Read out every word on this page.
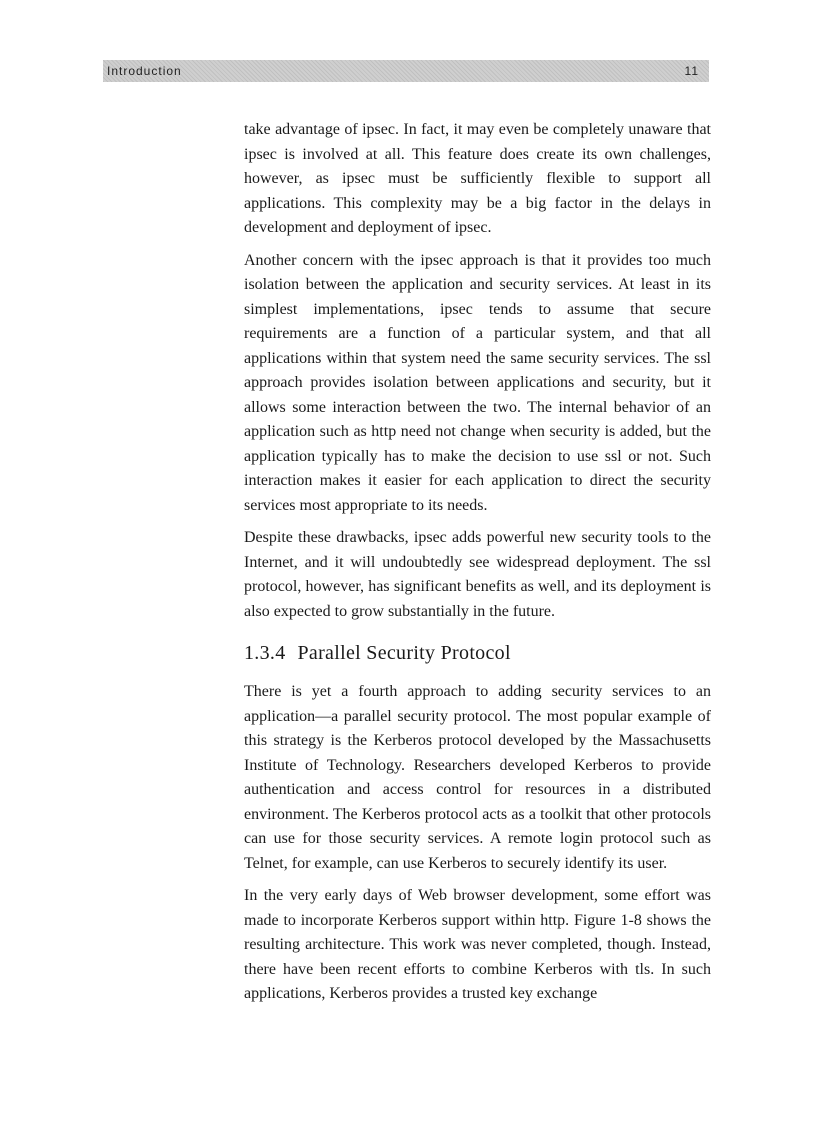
Introduction	11

take advantage of ipsec. In fact, it may even be completely unaware that ipsec is involved at all. This feature does create its own challenges, however, as ipsec must be sufficiently flexible to support all applications. This complexity may be a big factor in the delays in development and deployment of ipsec.

Another concern with the ipsec approach is that it provides too much isolation between the application and security services. At least in its simplest implementations, ipsec tends to assume that secure requirements are a function of a particular system, and that all applications within that system need the same security services. The ssl approach provides isolation between applications and security, but it allows some interaction between the two. The internal behavior of an application such as http need not change when security is added, but the application typically has to make the decision to use ssl or not. Such interaction makes it easier for each application to direct the security services most appropriate to its needs.

Despite these drawbacks, ipsec adds powerful new security tools to the Internet, and it will undoubtedly see widespread deployment. The ssl protocol, however, has significant benefits as well, and its deployment is also expected to grow substantially in the future.

1.3.4 Parallel Security Protocol

There is yet a fourth approach to adding security services to an application—a parallel security protocol. The most popular example of this strategy is the Kerberos protocol developed by the Massachusetts Institute of Technology. Researchers developed Kerberos to provide authentication and access control for resources in a distributed environment. The Kerberos protocol acts as a toolkit that other protocols can use for those security services. A remote login protocol such as Telnet, for example, can use Kerberos to securely identify its user.

In the very early days of Web browser development, some effort was made to incorporate Kerberos support within http. Figure 1-8 shows the resulting architecture. This work was never completed, though. Instead, there have been recent efforts to combine Kerberos with tls. In such applications, Kerberos provides a trusted key exchange
